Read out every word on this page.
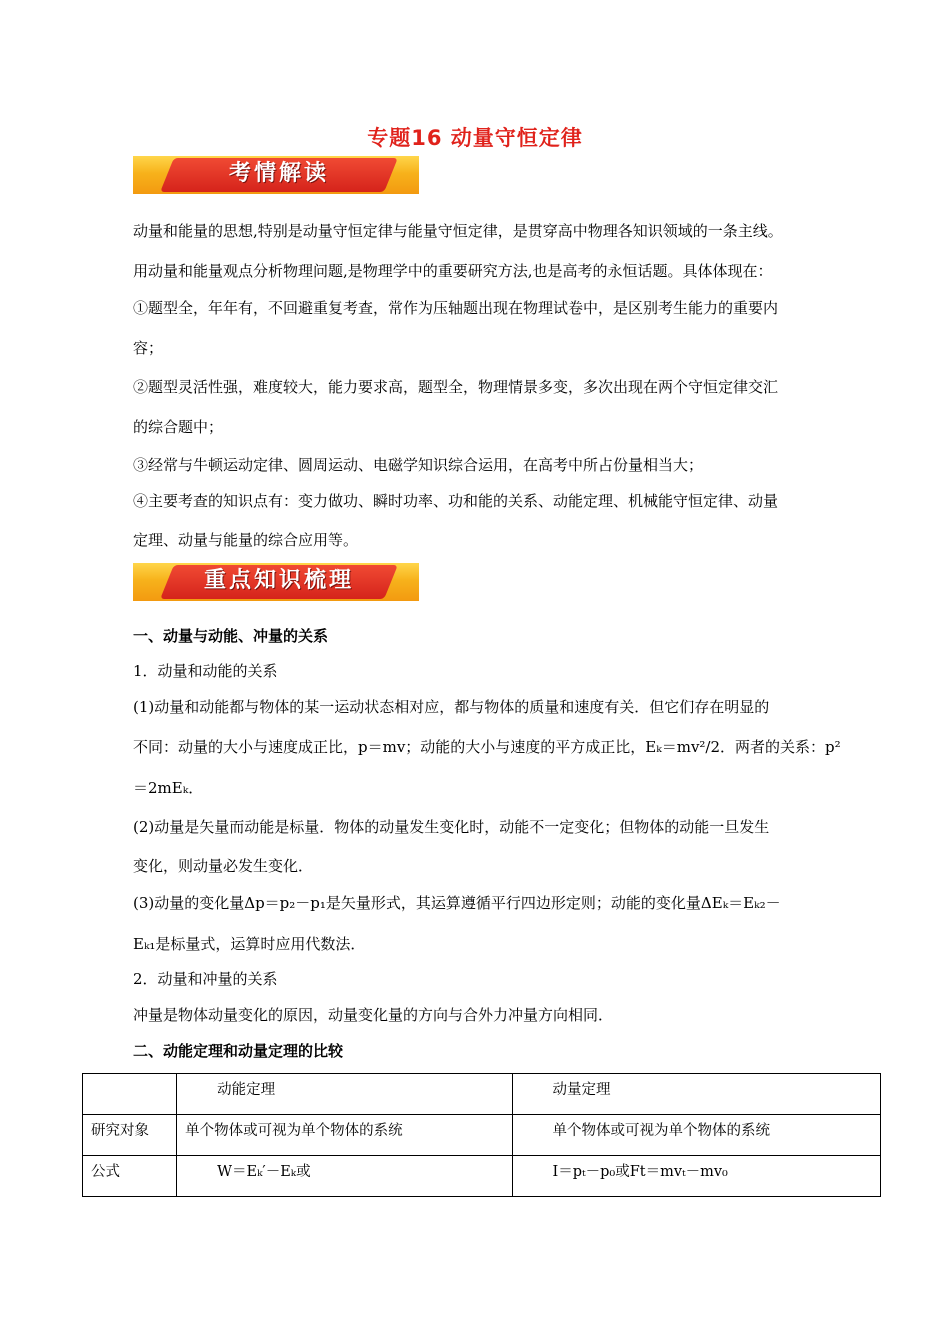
专题16 动量守恒定律
考情解读
动量和能量的思想,特别是动量守恒定律与能量守恒定律，是贯穿高中物理各知识领域的一条主线。
用动量和能量观点分析物理问题,是物理学中的重要研究方法,也是高考的永恒话题。具体体现在：
①题型全，年年有，不回避重复考查，常作为压轴题出现在物理试卷中，是区别考生能力的重要内
容；
②题型灵活性强，难度较大，能力要求高，题型全，物理情景多变，多次出现在两个守恒定律交汇
的综合题中；
③经常与牛顿运动定律、圆周运动、电磁学知识综合运用，在高考中所占份量相当大；
④主要考查的知识点有：变力做功、瞬时功率、功和能的关系、动能定理、机械能守恒定律、动量
定理、动量与能量的综合应用等。
重点知识梳理
一、动量与动能、冲量的关系
1．动量和动能的关系
(1)动量和动能都与物体的某一运动状态相对应，都与物体的质量和速度有关．但它们存在明显的
不同：动量的大小与速度成正比，p＝mv；动能的大小与速度的平方成正比，Eₖ＝mv²/2．两者的关系：p²
＝2mEₖ．
(2)动量是矢量而动能是标量．物体的动量发生变化时，动能不一定变化；但物体的动能一旦发生
变化，则动量必发生变化．
(3)动量的变化量Δp＝p₂－p₁是矢量形式，其运算遵循平行四边形定则；动能的变化量ΔEₖ＝Eₖ₂－
Eₖ₁是标量式，运算时应用代数法．
2．动量和冲量的关系
冲量是物体动量变化的原因，动量变化量的方向与合外力冲量方向相同．
二、动能定理和动量定理的比较
	动能定理	动量定理
研究对象	单个物体或可视为单个物体的系统	单个物体或可视为单个物体的系统
公式	W＝Eₖ′－Eₖ或	I＝pₜ－p₀或Ft＝mvₜ－mv₀
